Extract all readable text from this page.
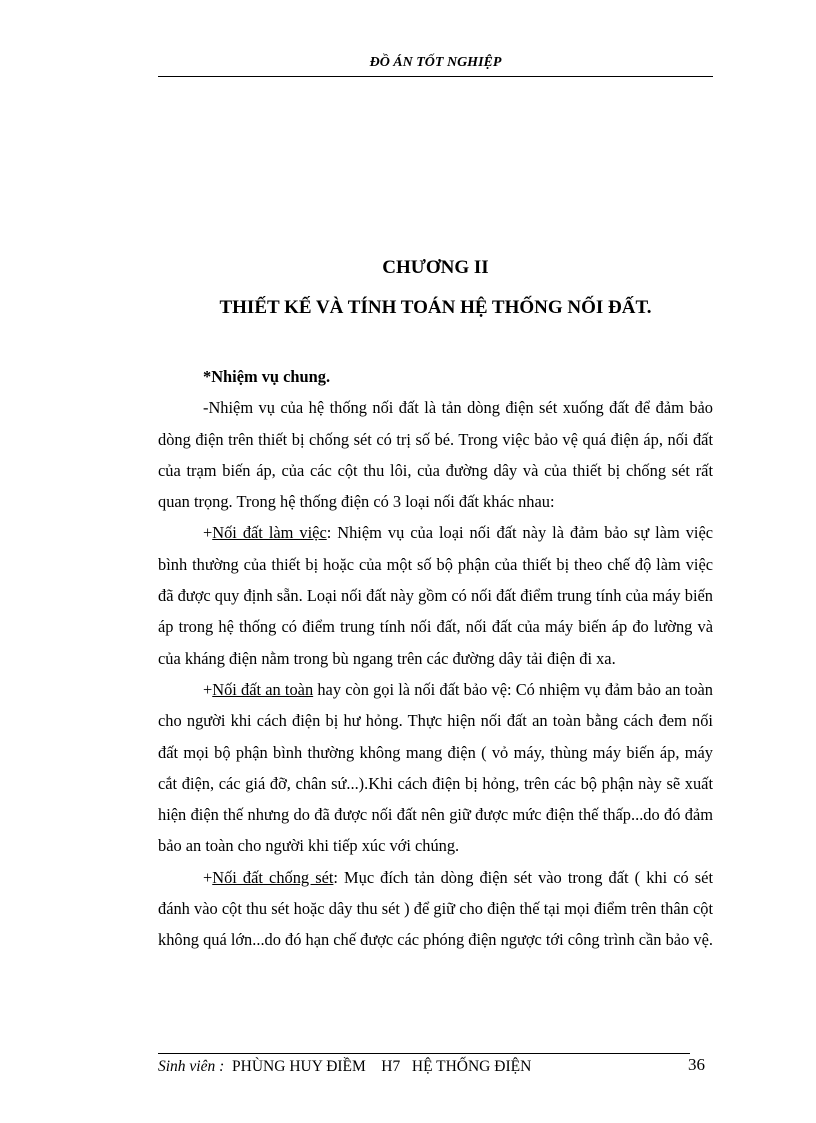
ĐỒ ÁN TỐT NGHIỆP
CHƯƠNG II
THIẾT KẾ VÀ TÍNH TOÁN HỆ THỐNG NỐI ĐẤT.

*Nhiệm vụ chung.

-Nhiệm vụ của hệ thống nối đất là tản dòng điện sét xuống đất để đảm bảo dòng điện trên thiết bị chống sét có trị số bé. Trong việc bảo vệ quá điện áp, nối đất của trạm biến áp, của các cột thu lôi, của đường dây và của thiết bị chống sét rất quan trọng. Trong hệ thống điện có 3 loại nối đất khác nhau:

+Nối đất làm việc: Nhiệm vụ của loại nối đất này là đảm bảo sự làm việc bình thường của thiết bị hoặc của một số bộ phận của thiết bị theo chế độ làm việc đã được quy định sẵn. Loại nối đất này gồm có nối đất điểm trung tính của máy biến áp trong hệ thống có điểm trung tính nối đất, nối đất của máy biến áp đo lường và của kháng điện nằm trong bù ngang trên các đường dây tải điện đi xa.

+Nối đất an toàn hay còn gọi là nối đất bảo vệ: Có nhiệm vụ đảm bảo an toàn cho người khi cách điện bị hư hỏng. Thực hiện nối đất an toàn bằng cách đem nối đất mọi bộ phận bình thường không mang điện ( vỏ máy, thùng máy biến áp, máy cắt điện, các giá đỡ, chân sứ...).Khi cách điện bị hỏng, trên các bộ phận này sẽ xuất hiện điện thế nhưng do đã được nối đất nên giữ được mức điện thế thấp...do đó đảm bảo an toàn cho người khi tiếp xúc với chúng.

+Nối đất chống sét: Mục đích tản dòng điện sét vào trong đất ( khi có sét đánh vào cột thu sét hoặc dây thu sét ) để giữ cho điện thế tại mọi điểm trên thân cột không quá lớn...do đó hạn chế được các phóng điện ngược tới công trình cần bảo vệ.

Sinh viên :  PHÙNG HUY ĐIỀM    H7   HỆ THỐNG ĐIỆN	36
